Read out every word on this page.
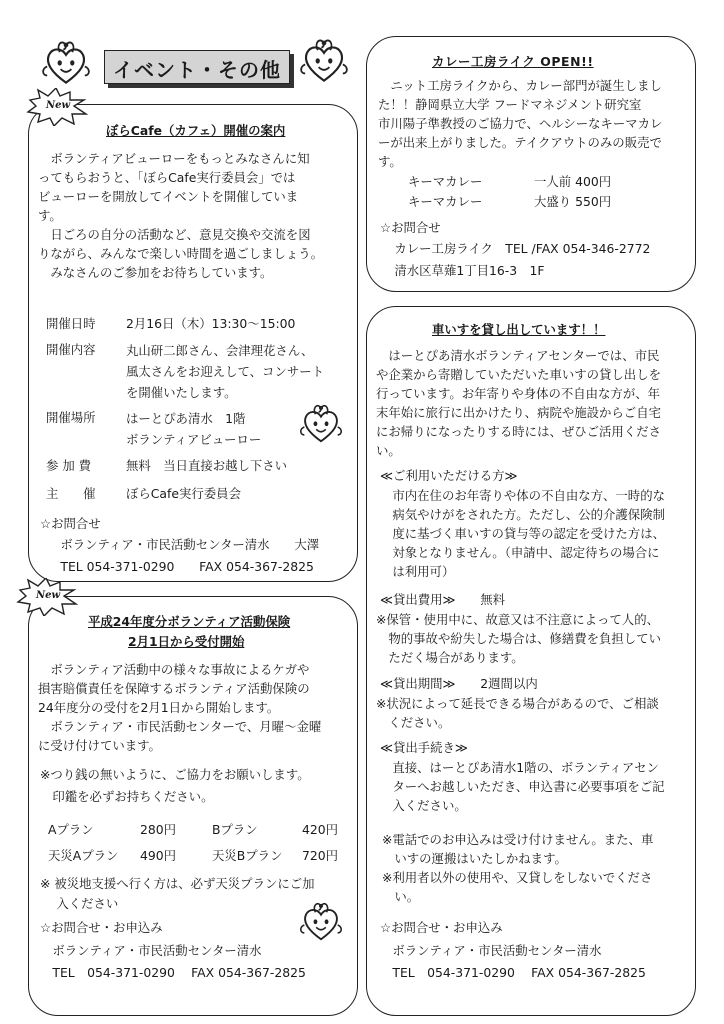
イベント・その他
New
ぼらCafe（カフェ）開催の案内
　ボランティアビューローをもっとみなさんに知
ってもらおうと、「ぼらCafe実行委員会」では
ビューローを開放してイベントを開催していま
す。
　日ごろの自分の活動など、意見交換や交流を図
りながら、みんなで楽しい時間を過ごしましょう。
　みなさんのご参加をお待ちしています。
開催日時 2月16日（木）13:30～15:00
開催内容 丸山研二郎さん、会津理花さん、
風太さんをお迎えして、コンサート
を開催いたします。
開催場所 はーとぴあ清水　1階
ボランティアビューロー
参 加 費	無料　当日直接お越し下さい
主　　催 ぼらCafe実行委員会
☆お問合せ
　ボランティア・市民活動センター清水　　大澤
　TEL 054-371-0290　　FAX 054-367-2825
New
平成24年度分ボランティア活動保険
2月1日から受付開始
　ボランティア活動中の様々な事故によるケガや
損害賠償責任を保障するボランティア活動保険の
24年度分の受付を2月1日から開始します。
　ボランティア・市民活動センターで、月曜～金曜
に受け付けています。
※つり銭の無いように、ご協力をお願いします。
　印鑑を必ずお持ちください。
Aプラン	280円	Bプラン	420円
天災Aプラン 490円	天災Bプラン 720円
※ 被災地支援へ行く方は、必ず天災プランにご加
　 入ください
☆お問合せ・お申込み
　ボランティア・市民活動センター清水
　TEL　054-371-0290　 FAX 054-367-2825
カレー工房ライク OPEN!!
　ニット工房ライクから、カレー部門が誕生しまし
た！！静岡県立大学 フードマネジメント研究室
市川陽子準教授のご協力で、ヘルシーなキーマカレ
ーが出来上がりました。テイクアウトのみの販売で
す。
キーマカレー	一人前 400円
キーマカレー	大盛り 550円
☆お問合せ
　カレー工房ライク　TEL /FAX 054-346-2772
　清水区草薙1丁目16-3　1F
車いすを貸し出しています！！
　はーとぴあ清水ボランティアセンターでは、市民
や企業から寄贈していただいた車いすの貸し出しを
行っています。お年寄りや身体の不自由な方が、年
末年始に旅行に出かけたり、病院や施設からご自宅
にお帰りになったりする時には、ぜひご活用くださ
い。
≪ご利用いただける方≫
　市内在住のお年寄りや体の不自由な方、一時的な
　病気やけがをされた方。ただし、公的介護保険制
　度に基づく車いすの貸与等の認定を受けた方は、
　対象となりません。（申請中、認定待ちの場合に
　は利用可）
≪貸出費用≫　　無料
※保管・使用中に、故意又は不注意によって人的、
　物的事故や紛失した場合は、修繕費を負担してい
　ただく場合があります。
≪貸出期間≫　　2週間以内
※状況によって延長できる場合があるので、ご相談
　ください。
≪貸出手続き≫
　直接、はーとぴあ清水1階の、ボランティアセン
　ターへお越しいただき、申込書に必要事項をご記
　入ください。
※電話でのお申込みは受け付けません。また、車
　いすの運搬はいたしかねます。
※利用者以外の使用や、又貸しをしないでくださ
　い。
☆お問合せ・お申込み
　ボランティア・市民活動センター清水
　TEL　054-371-0290　 FAX 054-367-2825
